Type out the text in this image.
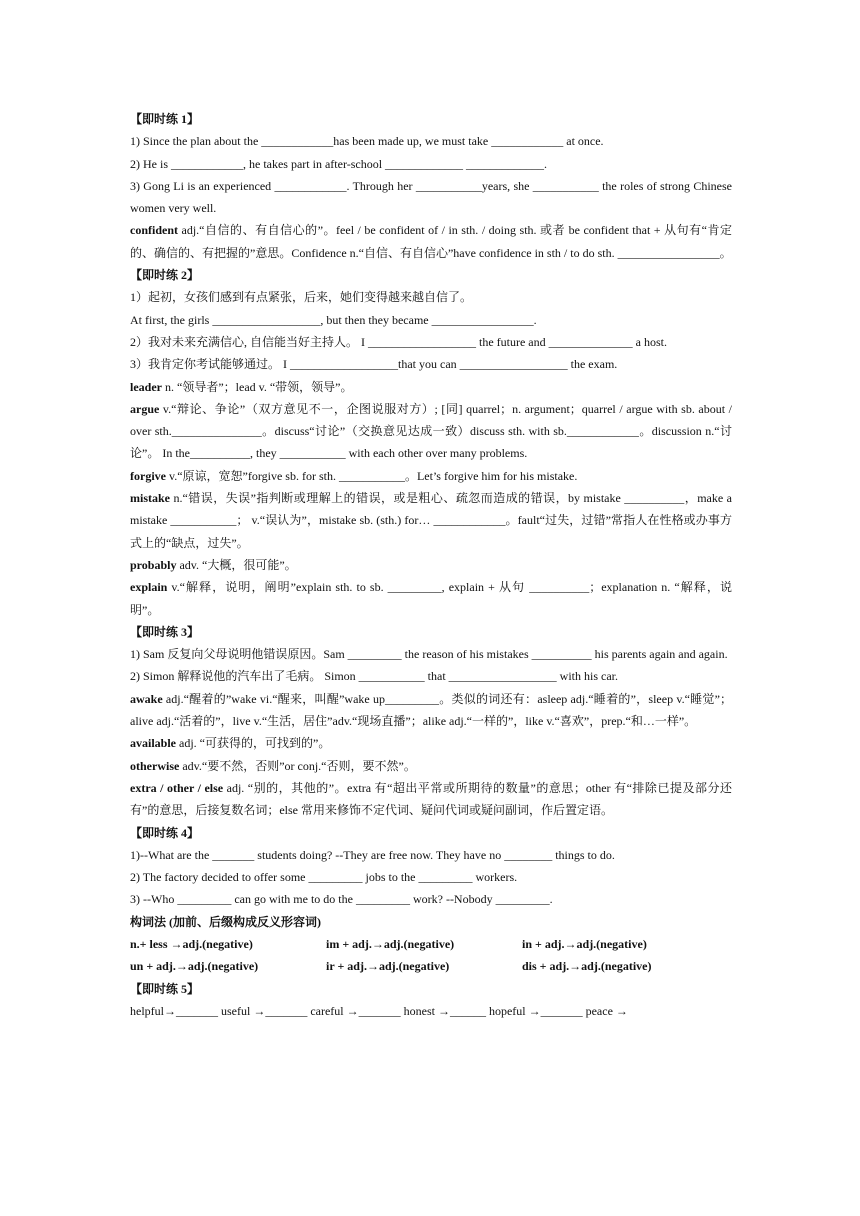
【即时练 1】
1) Since the plan about the ____________has been made up, we must take ____________ at once.
2) He is ____________, he takes part in after-school _____________ _____________.
3) Gong Li is an experienced ____________. Through her ___________years, she ___________ the roles of strong Chinese women very well.
confident adj.“自信的、有自信心的”。feel / be confident of / in sth. / doing sth. 或者 be confident that + 从句有“肯定的、确信的、有把握的”意思。Confidence n.“自信、有自信心”have confidence in sth / to do sth. _________________。
【即时练 2】
1）起初，女孩们感到有点紧张，后来，她们变得越来越自信了。
At first, the girls __________________, but then they became _________________.
2）我对未来充满信心, 自信能当好主持人。 I __________________ the future and ______________ a host.
3）我肯定你考试能够通过。 I __________________that you can __________________ the exam.
leader n. “领导者”；lead v. “带领，领导”。
argue v.“辩论、争论”（双方意见不一，企图说服对方）; [同] quarrel；n. argument；quarrel / argue with sb. about / over sth._______________。discuss“讨论”（交换意见达成一致）discuss sth. with sb.____________。discussion n.“讨论”。 In the__________, they ___________ with each other over many problems.
forgive v.“原谅，宽恕”forgive sb. for sth. ___________。Let’s forgive him for his mistake.
mistake n.“错误，失误”指判断或理解上的错误，或是粗心、疏忽而造成的错误，by mistake __________，make a mistake ___________； v.“误认为”，mistake sb. (sth.) for… ____________。fault“过失，过错”常指人在性格或办事方式上的“缺点，过失”。
probably adv. “大概，很可能”。
explain v.“解释，说明，阐明”explain sth. to sb. _________, explain + 从句 __________；explanation n. “解释，说明”。
【即时练 3】
1) Sam 反复向父母说明他错误原因。Sam _________ the reason of his mistakes __________ his parents again and again.
2) Simon 解释说他的汽车出了毛病。 Simon ___________ that __________________ with his car.
awake adj.“醒着的”wake vi.“醒来，叫醒”wake up_________。类似的词还有：asleep adj.“睡着的”，sleep v.“睡觉”；alive adj.“活着的”，live v.“生活，居住”adv.“现场直播”；alike adj.“一样的”，like v.“喜欢”，prep.“和…一样”。
available adj. “可获得的，可找到的”。
otherwise adv.“要不然，否则”or conj.“否则，要不然”。
extra / other / else adj. “别的，其他的”。extra 有“超出平常或所期待的数量”的意思；other 有“排除已提及部分还有”的意思，后接复数名词；else 常用来修饰不定代词、疑问代词或疑问副词，作后置定语。
【即时练 4】
1)--What are the _______ students doing? --They are free now. They have no ________ things to do.
2) The factory decided to offer some _________ jobs to the _________ workers.
3) --Who _________ can go with me to do the _________ work? --Nobody _________.
构词法 (加前、后缀构成反义形容词)
n.+ less →adj.(negative)	im + adj.→adj.(negative)	in + adj.→adj.(negative)
un + adj.→adj.(negative)	ir + adj.→adj.(negative)	dis + adj.→adj.(negative)
【即时练 5】
helpful→_______ useful →_______ careful →_______ honest →______ hopeful →_______ peace →
